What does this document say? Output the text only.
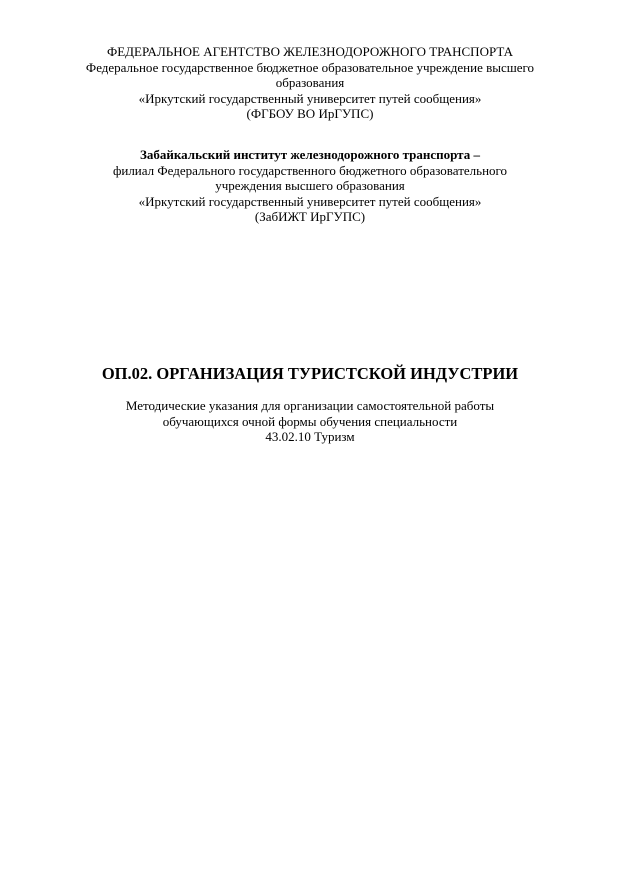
ФЕДЕРАЛЬНОЕ АГЕНТСТВО ЖЕЛЕЗНОДОРОЖНОГО ТРАНСПОРТА
Федеральное государственное бюджетное образовательное учреждение высшего
образования
«Иркутский государственный университет путей сообщения»
(ФГБОУ ВО ИрГУПС)
Забайкальский институт железнодорожного транспорта –
филиал Федерального государственного бюджетного образовательного
учреждения высшего образования
«Иркутский государственный университет путей сообщения»
(ЗабИЖТ ИрГУПС)
ОП.02. ОРГАНИЗАЦИЯ ТУРИСТСКОЙ ИНДУСТРИИ
Методические указания для организации самостоятельной работы
обучающихся очной формы обучения специальности
43.02.10 Туризм
